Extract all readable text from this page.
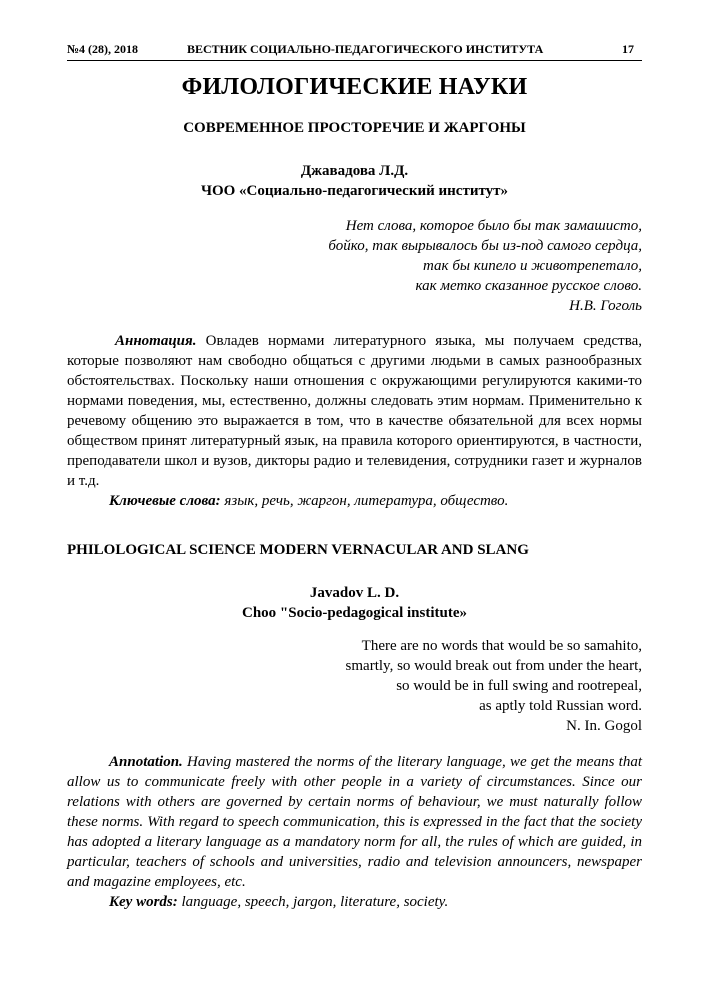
№4 (28), 2018	ВЕСТНИК СОЦИАЛЬНО-ПЕДАГОГИЧЕСКОГО ИНСТИТУТА	17
ФИЛОЛОГИЧЕСКИЕ НАУКИ
СОВРЕМЕННОЕ ПРОСТОРЕЧИЕ И ЖАРГОНЫ
Джавадова Л.Д.
ЧОО «Социально-педагогический институт»
Нет слова, которое было бы так замашисто,
бойко, так вырывалось бы из-под самого сердца,
так бы кипело и животрепетало,
как метко сказанное русское слово.
Н.В. Гоголь

Аннотация. Овладев нормами литературного языка, мы получаем средства, которые позволяют нам свободно общаться с другими людьми в самых разнообразных обстоятельствах. Поскольку наши отношения с окружающими регулируются какими-то нормами поведения, мы, естественно, должны следовать этим нормам. Применительно к речевому общению это выражается в том, что в качестве обязательной для всех нормы обществом принят литературный язык, на правила которого ориентируются, в частности, преподаватели школ и вузов, дикторы радио и телевидения, сотрудники газет и журналов и т.д.

Ключевые слова: язык, речь, жаргон, литература, общество.

PHILOLOGICAL SCIENCE MODERN VERNACULAR AND SLANG
Javadov L. D.
Choo "Socio-pedagogical institute»
There are no words that would be so samahito,
smartly, so would break out from under the heart,
so would be in full swing and rootrepeal,
as aptly told Russian word.
N. In. Gogol

Annotation. Having mastered the norms of the literary language, we get the means that allow us to communicate freely with other people in a variety of circumstances. Since our relations with others are governed by certain norms of behaviour, we must naturally follow these norms. With regard to speech communication, this is expressed in the fact that the society has adopted a literary language as a mandatory norm for all, the rules of which are guided, in particular, teachers of schools and universities, radio and television announcers, newspaper and magazine employees, etc.

Key words: language, speech, jargon, literature, society.
